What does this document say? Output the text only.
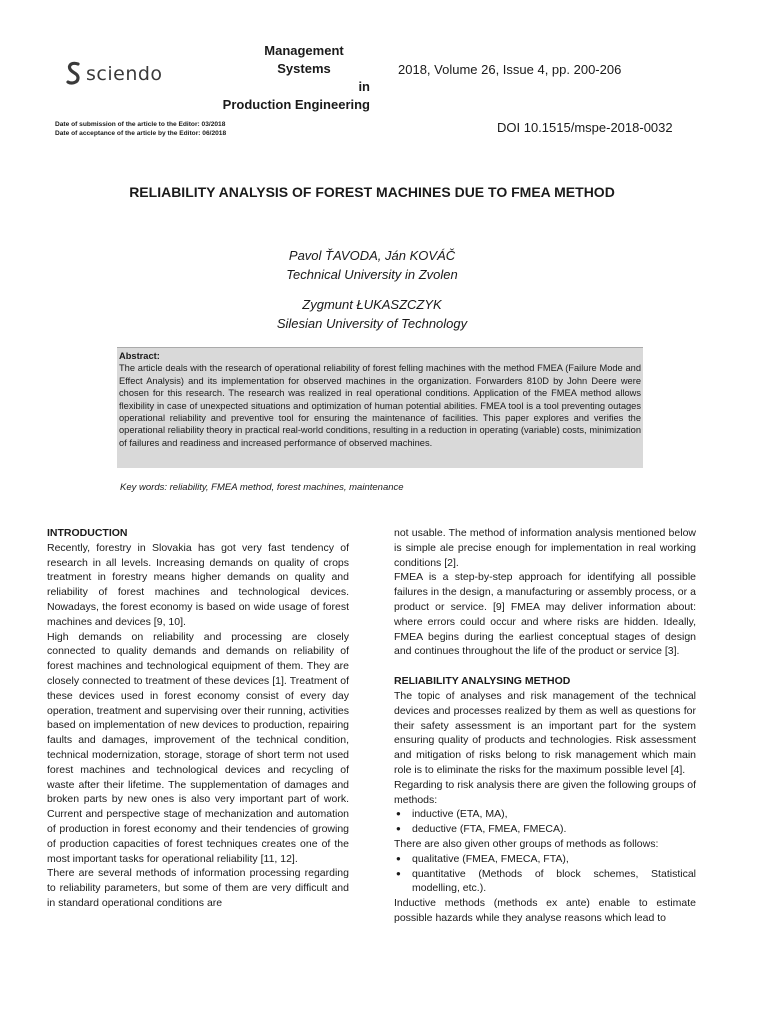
sciendo
Management Systems
in
Production Engineering
2018, Volume 26, Issue 4, pp. 200-206
Date of submission of the article to the Editor: 03/2018
Date of acceptance of the article by the Editor: 06/2018	DOI 10.1515/mspe-2018-0032
RELIABILITY ANALYSIS OF FOREST MACHINES DUE TO FMEA METHOD
Pavol ŤAVODA, Ján KOVÁČ
Technical University in Zvolen
Zygmunt ŁUKASZCZYK
Silesian University of Technology
Abstract:
The article deals with the research of operational reliability of forest felling machines with the method FMEA (Failure Mode and Effect Analysis) and its implementation for observed machines in the organization. Forwarders 810D by John Deere were chosen for this research. The research was realized in real operational conditions. Application of the FMEA method allows flexibility in case of unexpected situations and optimization of human potential abilities. FMEA tool is a tool preventing outages operational reliability and preventive tool for ensuring the maintenance of facilities. This paper explores and verifies the operational reliability theory in practical real-world conditions, resulting in a reduction in operating (variable) costs, minimization of failures and readiness and increased performance of observed machines.
Key words: reliability, FMEA method, forest machines, maintenance

INTRODUCTION

Recently, forestry in Slovakia has got very fast tendency of research in all levels. Increasing demands on quality of crops treatment in forestry means higher demands on quality and reliability of forest machines and technological devices. Nowadays, the forest economy is based on wide usage of forest machines and devices [9, 10].

High demands on reliability and processing are closely connected to quality demands and demands on reliability of forest machines and technological equipment of them. They are closely connected to treatment of these devices [1]. Treatment of these devices used in forest economy consist of every day operation, treatment and supervising over their running, activities based on implementation of new devices to production, repairing faults and damages, improvement of the technical condition, technical modernization, storage, storage of short term not used forest machines and technological devices and recycling of waste after their lifetime. The supplementation of damages and broken parts by new ones is also very important part of work. Current and perspective stage of mechanization and automation of production in forest economy and their tendencies of growing of production capacities of forest techniques creates one of the most important tasks for operational reliability [11, 12].

There are several methods of information processing regarding to reliability parameters, but some of them are very difficult and in standard operational conditions are

not usable. The method of information analysis mentioned below is simple ale precise enough for implementation in real working conditions [2].

FMEA is a step-by-step approach for identifying all possible failures in the design, a manufacturing or assembly process, or a product or service. [9] FMEA may deliver information about: where errors could occur and where risks are hidden. Ideally, FMEA begins during the earliest conceptual stages of design and continues throughout the life of the product or service [3].

RELIABILITY ANALYSING METHOD

The topic of analyses and risk management of the technical devices and processes realized by them as well as questions for their safety assessment is an important part for the system ensuring quality of products and technologies. Risk assessment and mitigation of risks belong to risk management which main role is to eliminate the risks for the maximum possible level [4].

Regarding to risk analysis there are given the following groups of methods:

● inductive (ETA, MA),
● deductive (FTA, FMEA, FMECA).

There are also given other groups of methods as follows:

● qualitative (FMEA, FMECA, FTA),
● quantitative (Methods of block schemes, Statistical modelling, etc.).

Inductive methods (methods ex ante) enable to estimate possible hazards while they analyse reasons which lead to
